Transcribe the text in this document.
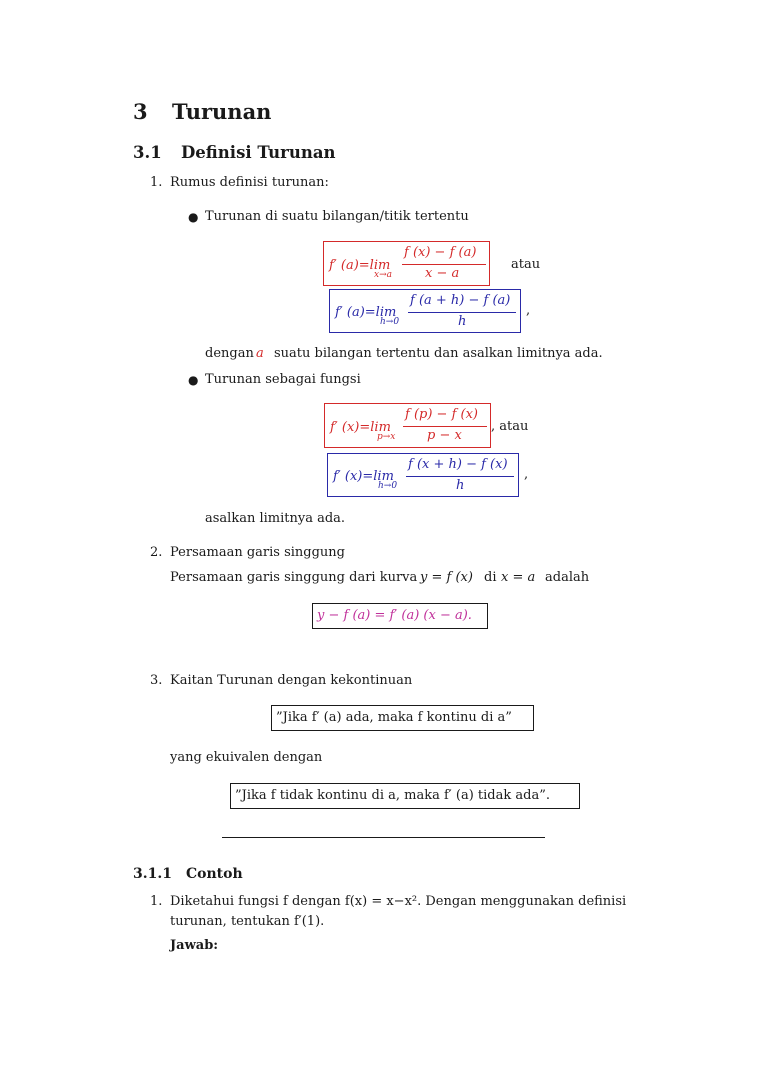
3 Turunan
3.1 Definisi Turunan
1. Rumus definisi turunan:
● Turunan di suatu bilangan/titik tertentu
f′ (a)=lim
x→a
f (x) − f (a)
x − a
atau
f′ (a)=lim
h→0
f (a + h) − f (a)
h
,
dengan a suatu bilangan tertentu dan asalkan limitnya ada.
● Turunan sebagai fungsi
f′ (x)=lim
p→x
f (p) − f (x)
p − x
, atau
f′ (x)=lim
h→0
f (x + h) − f (x)
h
,
asalkan limitnya ada.
2. Persamaan garis singgung
Persamaan garis singgung dari kurva y = f (x) di x = a adalah
y − f (a) = f′ (a) (x − a).
3. Kaitan Turunan dengan kekontinuan
”Jika f′ (a) ada, maka f kontinu di a”
yang ekuivalen dengan
”Jika f tidak kontinu di a, maka f′ (a) tidak ada”.
3.1.1 Contoh
1. Diketahui fungsi f dengan f(x) = x−x². Dengan menggunakan definisi
turunan, tentukan f′(1).
Jawab:
